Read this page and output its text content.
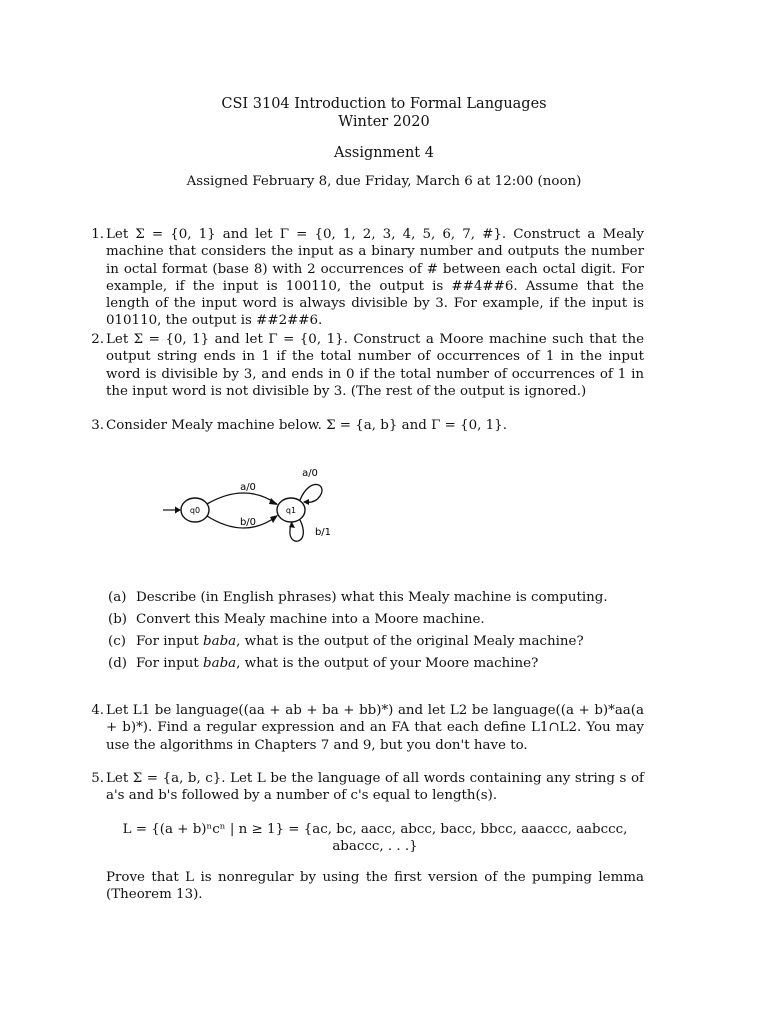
CSI 3104 Introduction to Formal Languages
Winter 2020
Assignment 4
Assigned February 8, due Friday, March 6 at 12:00 (noon)
1. Let Σ = {0, 1} and let Γ = {0, 1, 2, 3, 4, 5, 6, 7, #}. Construct a Mealy machine that considers the input as a binary number and outputs the number in octal format (base 8) with 2 occurrences of # between each octal digit. For example, if the input is 100110, the output is ##4##6. Assume that the length of the input word is always divisible by 3. For example, if the input is 010110, the output is ##2##6.

2. Let Σ = {0, 1} and let Γ = {0, 1}. Construct a Moore machine such that the output string ends in 1 if the total number of occurrences of 1 in the input word is divisible by 3, and ends in 0 if the total number of occurrences of 1 in the input word is not divisible by 3. (The rest of the output is ignored.)

3. Consider Mealy machine below. Σ = {a, b} and Γ = {0, 1}.

q0	q1
a/0
b/0
a/0
b/1
(a) Describe (in English phrases) what this Mealy machine is computing.
(b) Convert this Mealy machine into a Moore machine.
(c) For input baba, what is the output of the original Mealy machine?
(d) For input baba, what is the output of your Moore machine?
4. Let L1 be language((aa + ab + ba + bb)*) and let L2 be language((a + b)*aa(a + b)*). Find a regular expression and an FA that each define L1∩L2. You may use the algorithms in Chapters 7 and 9, but you don't have to.

5. Let Σ = {a, b, c}. Let L be the language of all words containing any string s of a's and b's followed by a number of c's equal to length(s).

L = {(a + b)ⁿcⁿ | n ≥ 1} = {ac, bc, aacc, abcc, bacc, bbcc, aaaccc, aabccc, abaccc, . . .}

Prove that L is nonregular by using the first version of the pumping lemma (Theorem 13).
